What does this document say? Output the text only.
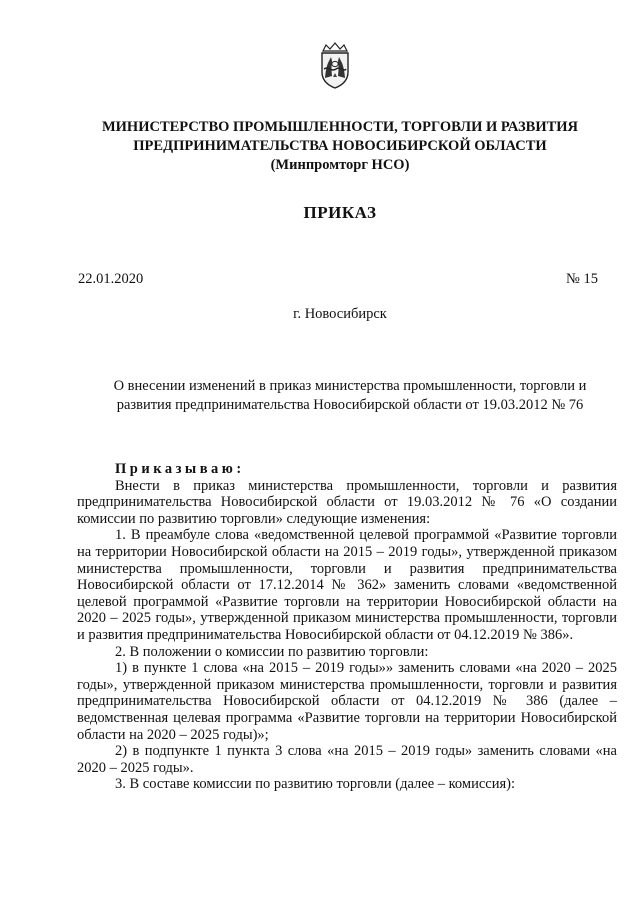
МИНИСТЕРСТВО ПРОМЫШЛЕННОСТИ, ТОРГОВЛИ И РАЗВИТИЯ
ПРЕДПРИНИМАТЕЛЬСТВА НОВОСИБИРСКОЙ ОБЛАСТИ
(Минпромторг НСО)
ПРИКАЗ
22.01.2020	№ 15
г. Новосибирск
О внесении изменений в приказ министерства промышленности, торговли и
развития предпринимательства Новосибирской области от 19.03.2012 № 76
Приказываю:

Внести в приказ министерства промышленности, торговли и развития предпринимательства Новосибирской области от 19.03.2012 № 76 «О создании комиссии по развитию торговли» следующие изменения:

1. В преамбуле слова «ведомственной целевой программой «Развитие торговли на территории Новосибирской области на 2015 – 2019 годы», утвержденной приказом министерства промышленности, торговли и развития предпринимательства Новосибирской области от 17.12.2014 № 362» заменить словами «ведомственной целевой программой «Развитие торговли на территории Новосибирской области на 2020 – 2025 годы», утвержденной приказом министерства промышленности, торговли и развития предпринимательства Новосибирской области от 04.12.2019 № 386».

2. В положении о комиссии по развитию торговли:

1) в пункте 1 слова «на 2015 – 2019 годы»» заменить словами «на 2020 – 2025 годы», утвержденной приказом министерства промышленности, торговли и развития предпринимательства Новосибирской области от 04.12.2019 № 386 (далее – ведомственная целевая программа «Развитие торговли на территории Новосибирской области на 2020 – 2025 годы)»;

2) в подпункте 1 пункта 3 слова «на 2015 – 2019 годы» заменить словами «на 2020 – 2025 годы».

3. В составе комиссии по развитию торговли (далее – комиссия):
